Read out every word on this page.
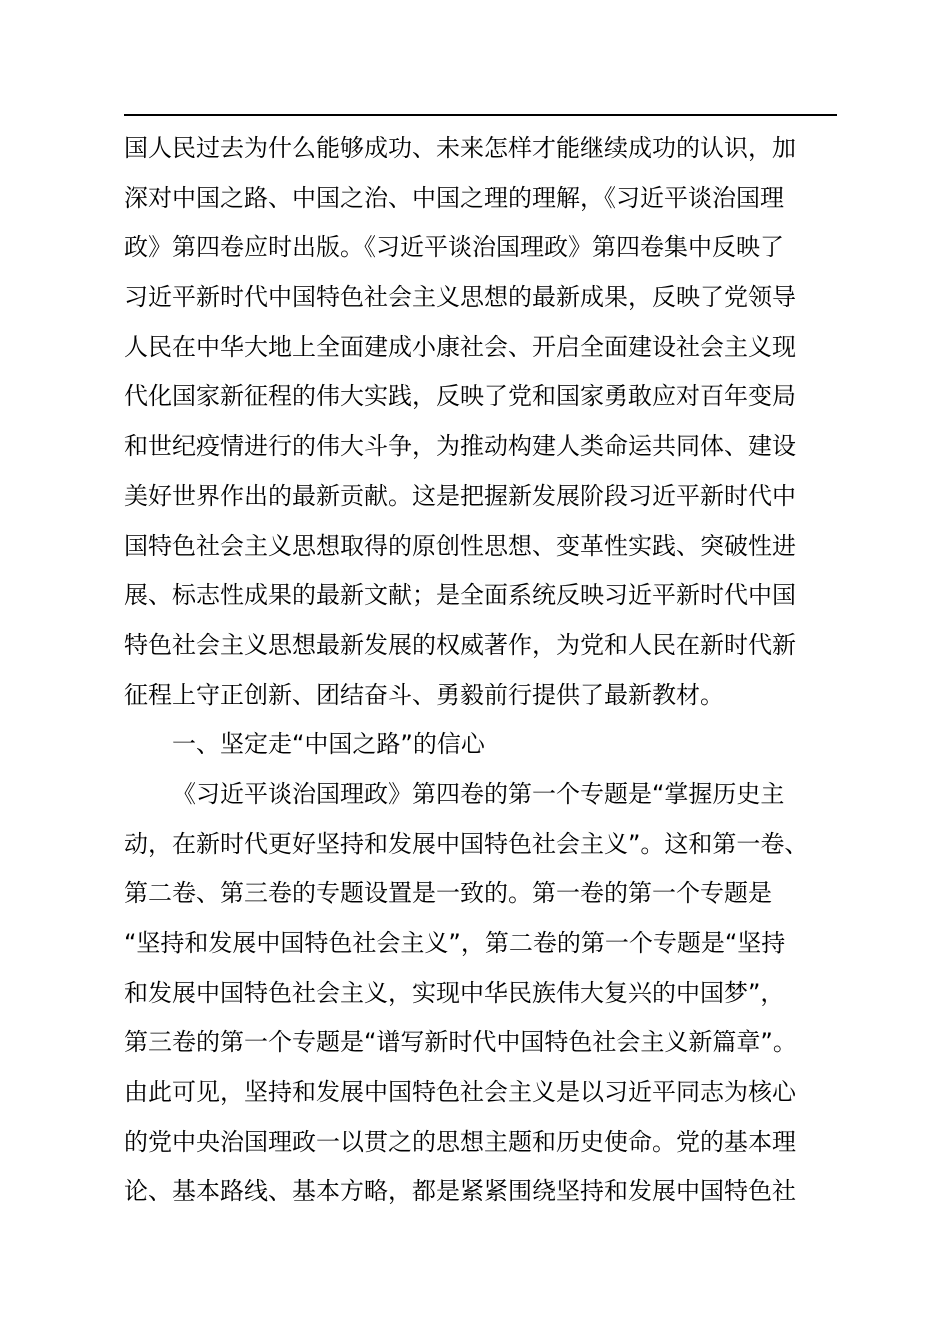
国人民过去为什么能够成功、未来怎样才能继续成功的认识，加
深对中国之路、中国之治、中国之理的理解，《习近平谈治国理
政》第四卷应时出版。《习近平谈治国理政》第四卷集中反映了
习近平新时代中国特色社会主义思想的最新成果，反映了党领导
人民在中华大地上全面建成小康社会、开启全面建设社会主义现
代化国家新征程的伟大实践，反映了党和国家勇敢应对百年变局
和世纪疫情进行的伟大斗争，为推动构建人类命运共同体、建设
美好世界作出的最新贡献。这是把握新发展阶段习近平新时代中
国特色社会主义思想取得的原创性思想、变革性实践、突破性进
展、标志性成果的最新文献；是全面系统反映习近平新时代中国
特色社会主义思想最新发展的权威著作，为党和人民在新时代新
征程上守正创新、团结奋斗、勇毅前行提供了最新教材。
一、坚定走“中国之路”的信心
《习近平谈治国理政》第四卷的第一个专题是“掌握历史主
动，在新时代更好坚持和发展中国特色社会主义”。这和第一卷、
第二卷、第三卷的专题设置是一致的。第一卷的第一个专题是
“坚持和发展中国特色社会主义”，第二卷的第一个专题是“坚持
和发展中国特色社会主义，实现中华民族伟大复兴的中国梦”，
第三卷的第一个专题是“谱写新时代中国特色社会主义新篇章”。
由此可见，坚持和发展中国特色社会主义是以习近平同志为核心
的党中央治国理政一以贯之的思想主题和历史使命。党的基本理
论、基本路线、基本方略，都是紧紧围绕坚持和发展中国特色社
